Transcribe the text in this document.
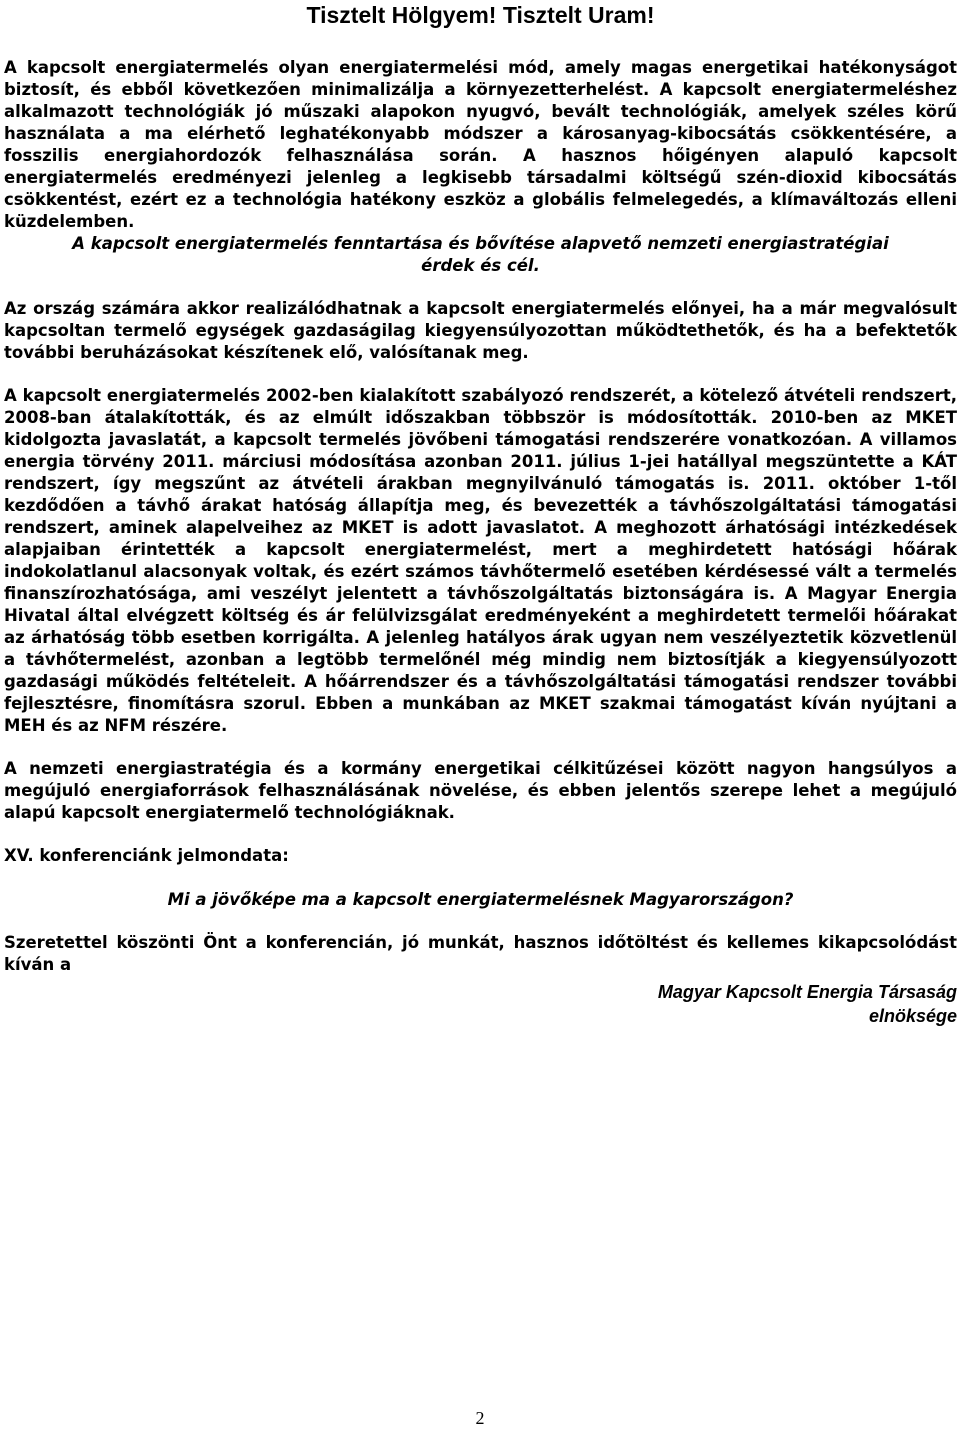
Tisztelt Hölgyem! Tisztelt Uram!

A kapcsolt energiatermelés olyan energiatermelési mód, amely magas energetikai hatékonyságot biztosít, és ebből következően minimalizálja a környezetterhelést. A kapcsolt energiatermeléshez alkalmazott technológiák jó műszaki alapokon nyugvó, bevált technológiák, amelyek széles körű használata a ma elérhető leghatékonyabb módszer a károsanyag-kibocsátás csökkentésére, a fosszilis energiahordozók felhasználása során. A hasznos hőigényen alapuló kapcsolt energiatermelés eredményezi jelenleg a legkisebb társadalmi költségű szén-dioxid kibocsátás csökkentést, ezért ez a technológia hatékony eszköz a globális felmelegedés, a klímaváltozás elleni küzdelemben.

A kapcsolt energiatermelés fenntartása és bővítése alapvető nemzeti energiastratégiai érdek és cél.

Az ország számára akkor realizálódhatnak a kapcsolt energiatermelés előnyei, ha a már megvalósult kapcsoltan termelő egységek gazdaságilag kiegyensúlyozottan működtethetők, és ha a befektetők további beruházásokat készítenek elő, valósítanak meg.

A kapcsolt energiatermelés 2002-ben kialakított szabályozó rendszerét, a kötelező átvételi rendszert, 2008-ban átalakították, és az elmúlt időszakban többször is módosították. 2010-ben az MKET kidolgozta javaslatát, a kapcsolt termelés jövőbeni támogatási rendszerére vonatkozóan. A villamos energia törvény 2011. márciusi módosítása azonban 2011. július 1-jei hatállyal megszüntette a KÁT rendszert, így megszűnt az átvételi árakban megnyilvánuló támogatás is. 2011. október 1-től kezdődően a távhő árakat hatóság állapítja meg, és bevezették a távhőszolgáltatási támogatási rendszert, aminek alapelveihez az MKET is adott javaslatot. A meghozott árhatósági intézkedések alapjaiban érintették a kapcsolt energiatermelést, mert a meghirdetett hatósági hőárak indokolatlanul alacsonyak voltak, és ezért számos távhőtermelő esetében kérdésessé vált a termelés finanszírozhatósága, ami veszélyt jelentett a távhőszolgáltatás biztonságára is. A Magyar Energia Hivatal által elvégzett költség és ár felülvizsgálat eredményeként a meghirdetett termelői hőárakat az árhatóság több esetben korrigálta. A jelenleg hatályos árak ugyan nem veszélyeztetik közvetlenül a távhőtermelést, azonban a legtöbb termelőnél még mindig nem biztosítják a kiegyensúlyozott gazdasági működés feltételeit. A hőárrendszer és a távhőszolgáltatási támogatási rendszer további fejlesztésre, finomításra szorul. Ebben a munkában az MKET szakmai támogatást kíván nyújtani a MEH és az NFM részére.

A nemzeti energiastratégia és a kormány energetikai célkitűzései között nagyon hangsúlyos a megújuló energiaforrások felhasználásának növelése, és ebben jelentős szerepe lehet a megújuló alapú kapcsolt energiatermelő technológiáknak.

XV. konferenciánk jelmondata:

Mi a jövőképe ma a kapcsolt energiatermelésnek Magyarországon?

Szeretettel köszönti Önt a konferencián, jó munkát, hasznos időtöltést és kellemes kikapcsolódást kíván a

Magyar Kapcsolt Energia Társaság
elnöksége
2
